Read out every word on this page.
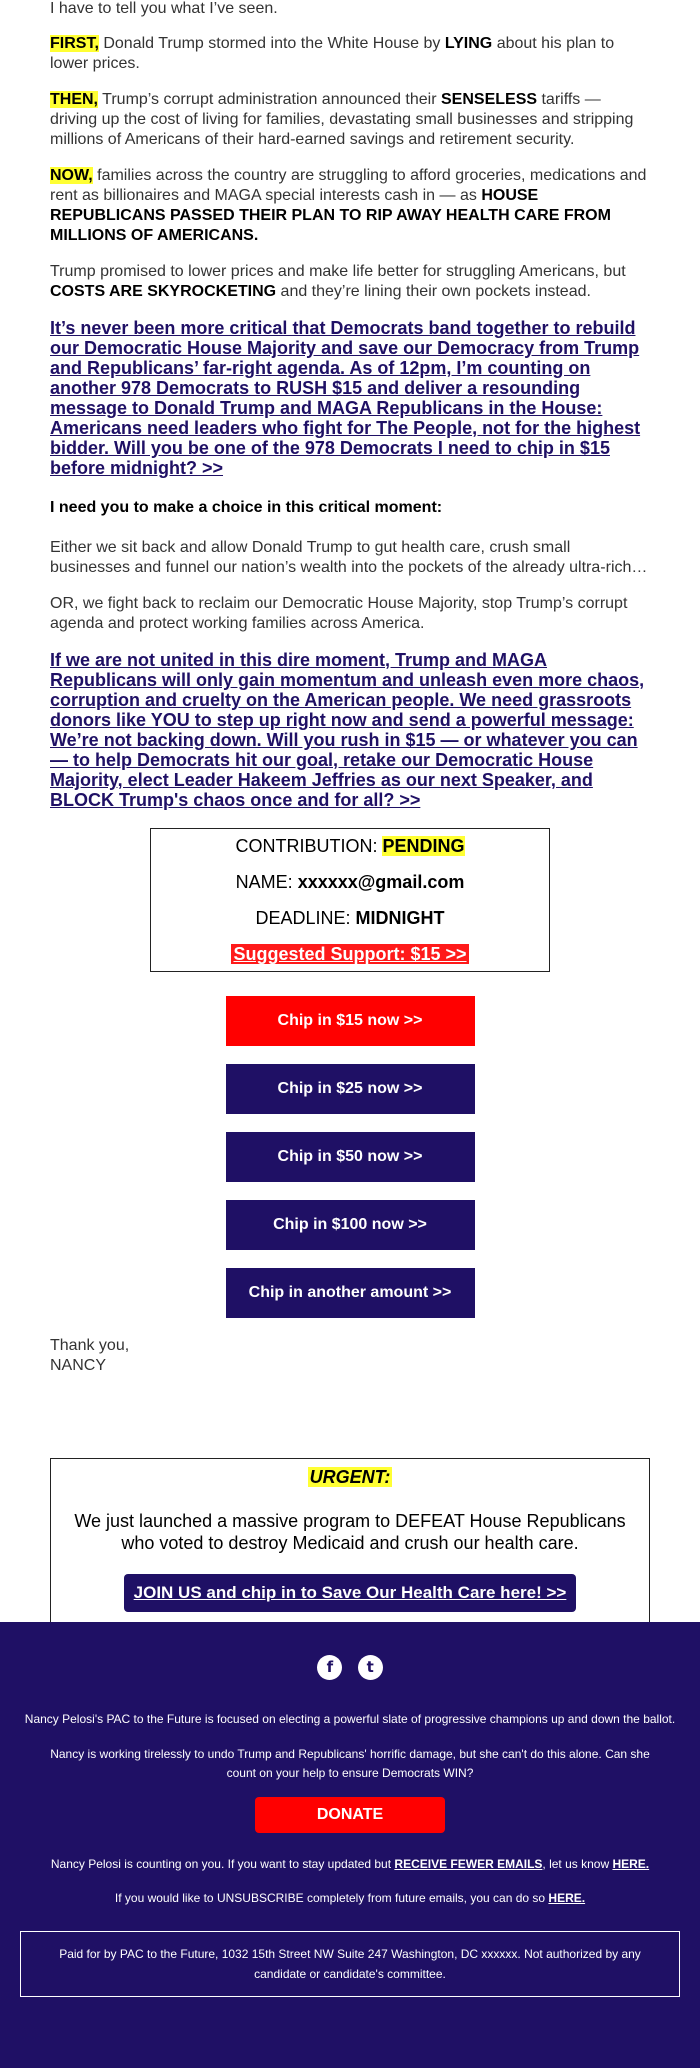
I have to tell you what I’ve seen.

FIRST, Donald Trump stormed into the White House by LYING about his plan to lower prices.

THEN, Trump’s corrupt administration announced their SENSELESS tariffs — driving up the cost of living for families, devastating small businesses and stripping millions of Americans of their hard-earned savings and retirement security.

NOW, families across the country are struggling to afford groceries, medications and rent as billionaires and MAGA special interests cash in — as HOUSE REPUBLICANS PASSED THEIR PLAN TO RIP AWAY HEALTH CARE FROM MILLIONS OF AMERICANS.

Trump promised to lower prices and make life better for struggling Americans, but COSTS ARE SKYROCKETING and they’re lining their own pockets instead.

It’s never been more critical that Democrats band together to rebuild our Democratic House Majority and save our Democracy from Trump and Republicans’ far-right agenda. As of 12pm, I’m counting on another 978 Democrats to RUSH $15 and deliver a resounding message to Donald Trump and MAGA Republicans in the House: Americans need leaders who fight for The People, not for the highest bidder. Will you be one of the 978 Democrats I need to chip in $15 before midnight? >>

I need you to make a choice in this critical moment:

Either we sit back and allow Donald Trump to gut health care, crush small businesses and funnel our nation’s wealth into the pockets of the already ultra-rich…

OR, we fight back to reclaim our Democratic House Majority, stop Trump’s corrupt agenda and protect working families across America.

If we are not united in this dire moment, Trump and MAGA Republicans will only gain momentum and unleash even more chaos, corruption and cruelty on the American people. We need grassroots donors like YOU to step up right now and send a powerful message: We’re not backing down. Will you rush in $15 — or whatever you can — to help Democrats hit our goal, retake our Democratic House Majority, elect Leader Hakeem Jeffries as our next Speaker, and BLOCK Trump's chaos once and for all? >>
CONTRIBUTION: PENDING
NAME: xxxxxx@gmail.com
DEADLINE: MIDNIGHT
Suggested Support: $15 >>
Chip in $15 now >>
Chip in $25 now >>
Chip in $50 now >>
Chip in $100 now >>
Chip in another amount >>
Thank you,
NANCY
URGENT:

We just launched a massive program to DEFEAT House Republicans who voted to destroy Medicaid and crush our health care.

JOIN US and chip in to Save Our Health Care here! >>
f t

Nancy Pelosi's PAC to the Future is focused on electing a powerful slate of progressive champions up and down the ballot.

Nancy is working tirelessly to undo Trump and Republicans' horrific damage, but she can't do this alone. Can she count on your help to ensure Democrats WIN?

DONATE

Nancy Pelosi is counting on you. If you want to stay updated but RECEIVE FEWER EMAILS, let us know HERE.

If you would like to UNSUBSCRIBE completely from future emails, you can do so HERE.

Paid for by PAC to the Future, 1032 15th Street NW Suite 247 Washington, DC xxxxxx. Not authorized by any candidate or candidate's committee.
